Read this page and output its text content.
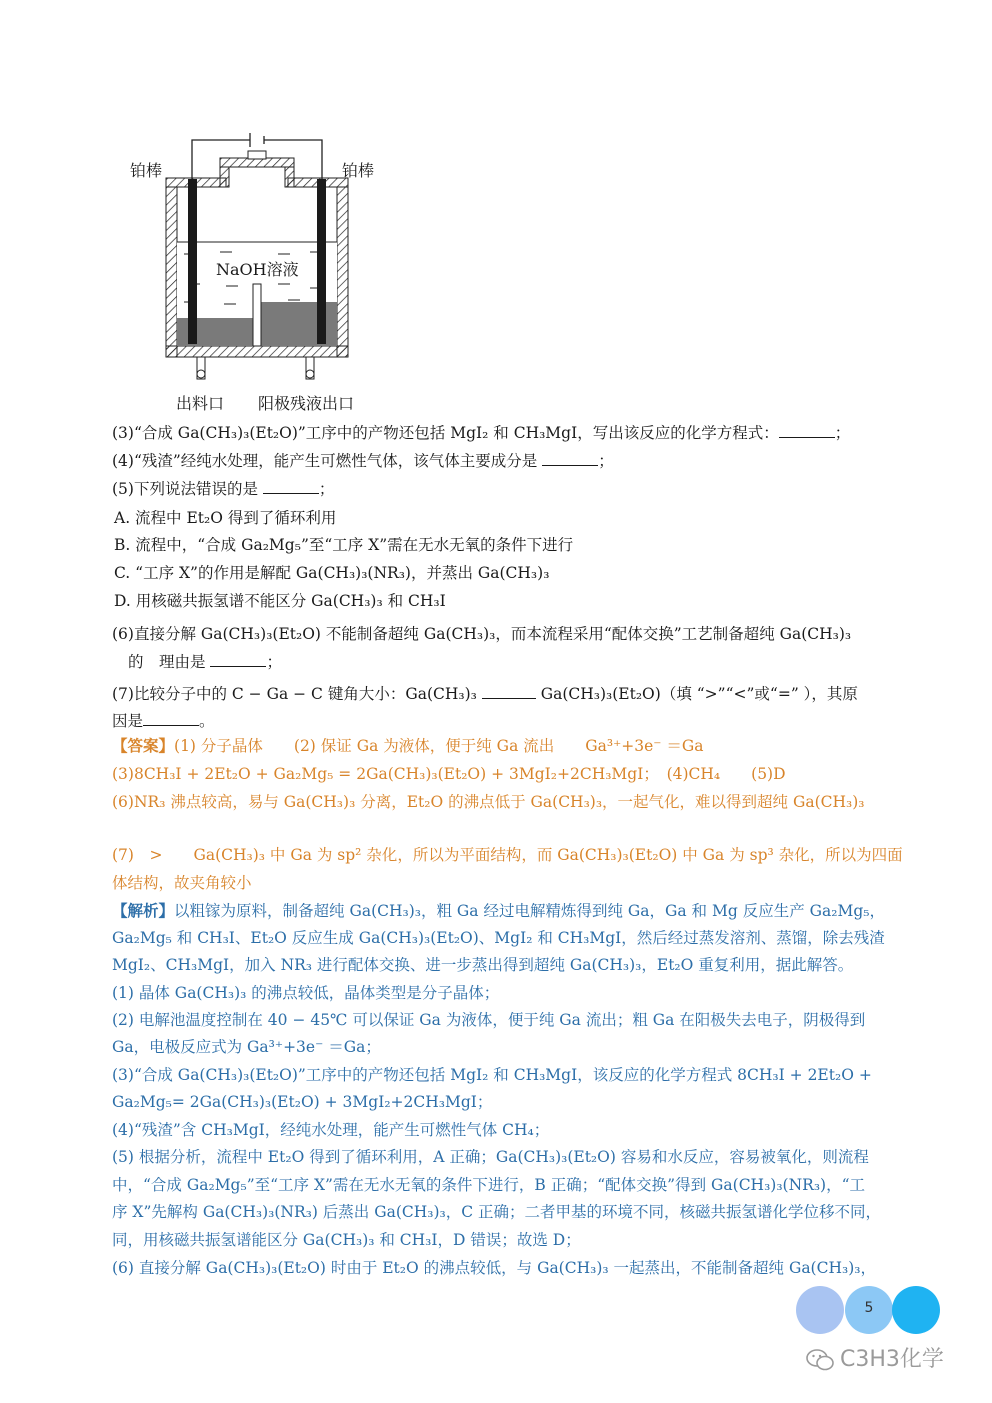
铂棒	铂棒
NaOH溶液
出料口 阳极残液出口
(3)“合成 Ga(CH₃)₃(Et₂O)”工序中的产物还包括 MgI₂ 和 CH₃MgI，写出该反应的化学方程式：	；
(4)“残渣”经纯水处理，能产生可燃性气体，该气体主要成分是	；
(5)下列说法错误的是	；
A. 流程中 Et₂O 得到了循环利用
B. 流程中，“合成 Ga₂Mg₅”至“工序 X”需在无水无氧的条件下进行
C. “工序 X”的作用是解配 Ga(CH₃)₃(NR₃)，并蒸出 Ga(CH₃)₃
D. 用核磁共振氢谱不能区分 Ga(CH₃)₃ 和 CH₃I
(6)直接分解 Ga(CH₃)₃(Et₂O) 不能制备超纯 Ga(CH₃)₃，而本流程采用“配体交换”工艺制备超纯 Ga(CH₃)₃
的　理由是	；
(7)比较分子中的 C − Ga − C 键角大小：Ga(CH₃)₃	Ga(CH₃)₃(Et₂O)（填 “>”“<”或“=” ），其原
因是	。
【答案】(1) 分子晶体　　(2) 保证 Ga 为液体，便于纯 Ga 流出　　Ga³⁺+3e⁻ ＝Ga
(3)8CH₃I + 2Et₂O + Ga₂Mg₅ = 2Ga(CH₃)₃(Et₂O) + 3MgI₂+2CH₃MgI；　(4)CH₄　　(5)D
(6)NR₃ 沸点较高，易与 Ga(CH₃)₃ 分离，Et₂O 的沸点低于 Ga(CH₃)₃，一起气化，难以得到超纯 Ga(CH₃)₃
(7)　>　　Ga(CH₃)₃ 中 Ga 为 sp² 杂化，所以为平面结构，而 Ga(CH₃)₃(Et₂O) 中 Ga 为 sp³ 杂化，所以为四面
体结构，故夹角较小
【解析】以粗镓为原料，制备超纯 Ga(CH₃)₃，粗 Ga 经过电解精炼得到纯 Ga，Ga 和 Mg 反应生产 Ga₂Mg₅，
Ga₂Mg₅ 和 CH₃I、Et₂O 反应生成 Ga(CH₃)₃(Et₂O)、MgI₂ 和 CH₃MgI，然后经过蒸发溶剂、蒸馏，除去残渣
MgI₂、CH₃MgI，加入 NR₃ 进行配体交换、进一步蒸出得到超纯 Ga(CH₃)₃，Et₂O 重复利用，据此解答。
(1) 晶体 Ga(CH₃)₃ 的沸点较低，晶体类型是分子晶体；
(2) 电解池温度控制在 40 − 45℃ 可以保证 Ga 为液体，便于纯 Ga 流出；粗 Ga 在阳极失去电子，阴极得到
Ga，电极反应式为 Ga³⁺+3e⁻ ＝Ga；
(3)“合成 Ga(CH₃)₃(Et₂O)”工序中的产物还包括 MgI₂ 和 CH₃MgI，该反应的化学方程式 8CH₃I + 2Et₂O +
Ga₂Mg₅= 2Ga(CH₃)₃(Et₂O) + 3MgI₂+2CH₃MgI；
(4)“残渣”含 CH₃MgI，经纯水处理，能产生可燃性气体 CH₄；
(5) 根据分析，流程中 Et₂O 得到了循环利用，A 正确；Ga(CH₃)₃(Et₂O) 容易和水反应，容易被氧化，则流程
中，“合成 Ga₂Mg₅”至“工序 X”需在无水无氧的条件下进行，B 正确；“配体交换”得到 Ga(CH₃)₃(NR₃)，“工
序 X”先解构 Ga(CH₃)₃(NR₃) 后蒸出 Ga(CH₃)₃，C 正确；二者甲基的环境不同，核磁共振氢谱化学位移不同，
同，用核磁共振氢谱能区分 Ga(CH₃)₃ 和 CH₃I，D 错误；故选 D；
(6) 直接分解 Ga(CH₃)₃(Et₂O) 时由于 Et₂O 的沸点较低，与 Ga(CH₃)₃ 一起蒸出，不能制备超纯 Ga(CH₃)₃，
5
C3H3化学
